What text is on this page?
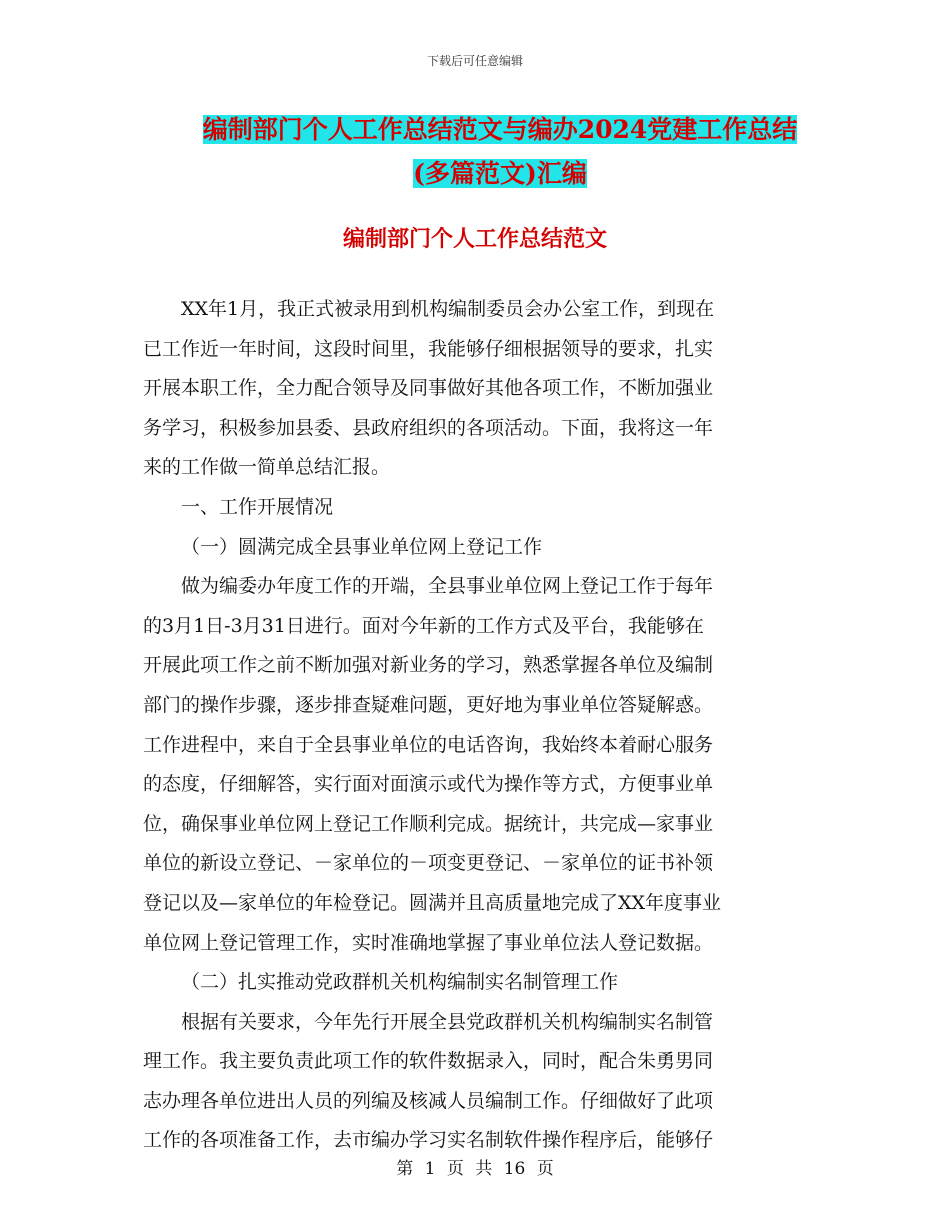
下载后可任意编辑
编制部门个人工作总结范文与编办2024党建工作总结
(多篇范文)汇编
编制部门个人工作总结范文

XX年1月，我正式被录用到机构编制委员会办公室工作，到现在
已工作近一年时间，这段时间里，我能够仔细根据领导的要求，扎实
开展本职工作，全力配合领导及同事做好其他各项工作，不断加强业
务学习，积极参加县委、县政府组织的各项活动。下面，我将这一年
来的工作做一简单总结汇报。

一、工作开展情况

（一）圆满完成全县事业单位网上登记工作

做为编委办年度工作的开端，全县事业单位网上登记工作于每年
的3月1日-3月31日进行。面对今年新的工作方式及平台，我能够在
开展此项工作之前不断加强对新业务的学习，熟悉掌握各单位及编制
部门的操作步骤，逐步排查疑难问题，更好地为事业单位答疑解惑。
工作进程中，来自于全县事业单位的电话咨询，我始终本着耐心服务
的态度，仔细解答，实行面对面演示或代为操作等方式，方便事业单
位，确保事业单位网上登记工作顺利完成。据统计，共完成—家事业
单位的新设立登记、－家单位的－项变更登记、－家单位的证书补领
登记以及—家单位的年检登记。圆满并且高质量地完成了XX年度事业
单位网上登记管理工作，实时准确地掌握了事业单位法人登记数据。

（二）扎实推动党政群机关机构编制实名制管理工作

根据有关要求，今年先行开展全县党政群机关机构编制实名制管
理工作。我主要负责此项工作的软件数据录入，同时，配合朱勇男同
志办理各单位进出人员的列编及核减人员编制工作。仔细做好了此项
工作的各项准备工作，去市编办学习实名制软件操作程序后，能够仔

第 1 页 共 16 页
